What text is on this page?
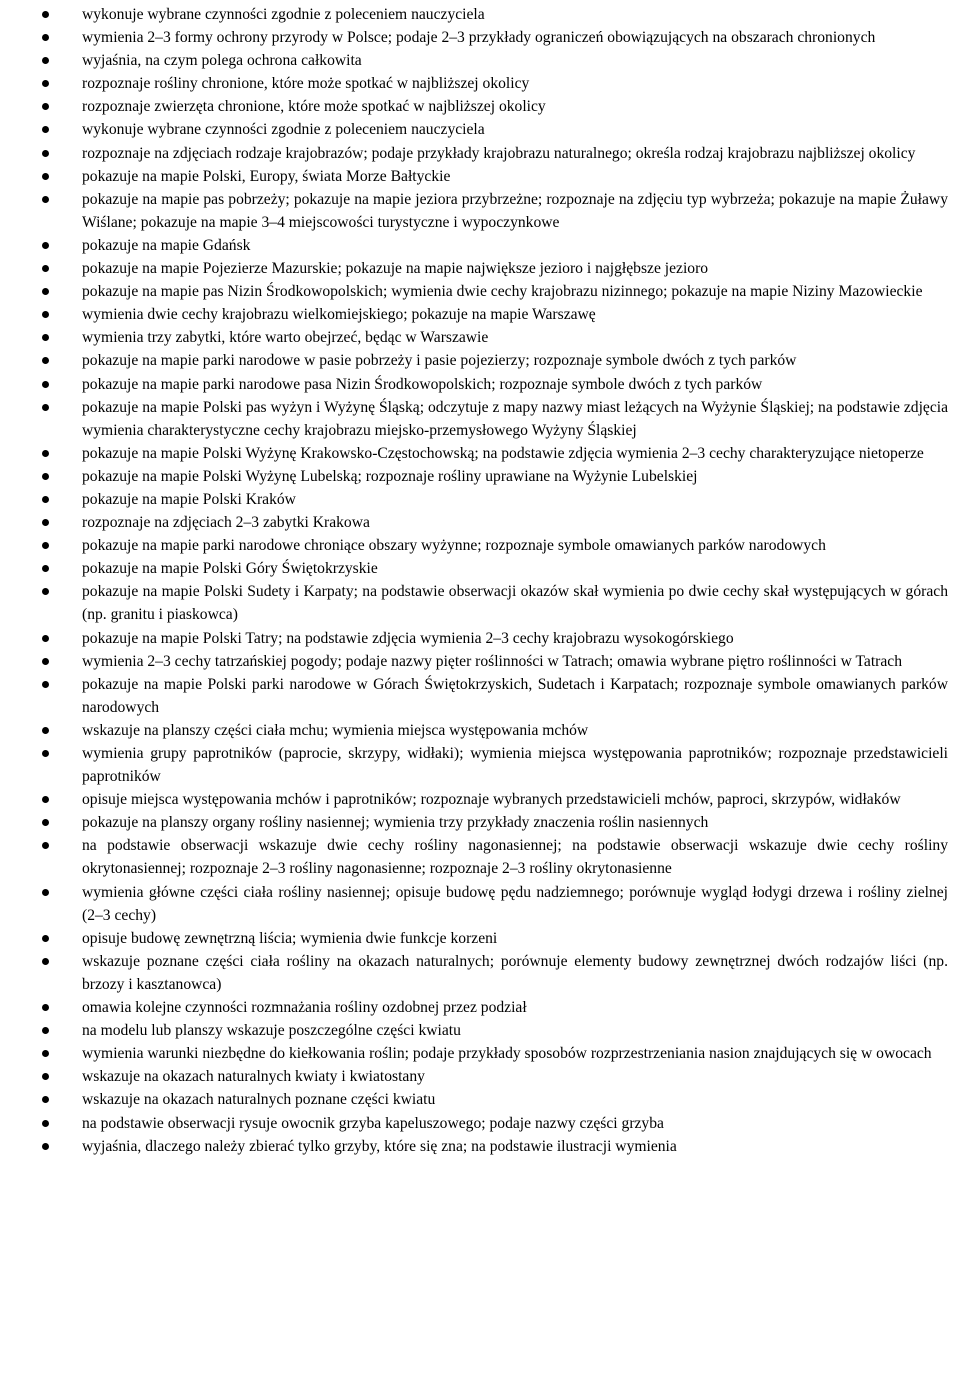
wykonuje wybrane czynności zgodnie z poleceniem nauczyciela
wymienia 2–3 formy ochrony przyrody w Polsce; podaje 2–3 przykłady ograniczeń obowiązujących na obszarach chronionych
wyjaśnia, na czym polega ochrona całkowita
rozpoznaje rośliny chronione, które może spotkać w najbliższej okolicy
rozpoznaje zwierzęta chronione, które może spotkać w najbliższej okolicy
wykonuje wybrane czynności zgodnie z poleceniem nauczyciela
rozpoznaje na zdjęciach rodzaje krajobrazów; podaje przykłady krajobrazu naturalnego; określa rodzaj krajobrazu najbliższej okolicy
pokazuje na mapie Polski, Europy, świata Morze Bałtyckie
pokazuje na mapie pas pobrzeży; pokazuje na mapie jeziora przybrzeżne; rozpoznaje na zdjęciu typ wybrzeża; pokazuje na mapie Żuławy Wiślane; pokazuje na mapie 3–4 miejscowości turystyczne i wypoczynkowe
pokazuje na mapie Gdańsk
pokazuje na mapie Pojezierze Mazurskie; pokazuje na mapie największe jezioro i najgłębsze jezioro
pokazuje na mapie pas Nizin Środkowopolskich; wymienia dwie cechy krajobrazu nizinnego; pokazuje na mapie Niziny Mazowieckie
wymienia dwie cechy krajobrazu wielkomiejskiego; pokazuje na mapie Warszawę
wymienia trzy zabytki, które warto obejrzeć, będąc w Warszawie
pokazuje na mapie parki narodowe w pasie pobrzeży i pasie pojezierzy; rozpoznaje symbole dwóch z tych parków
pokazuje na mapie parki narodowe pasa Nizin Środkowopolskich; rozpoznaje symbole dwóch z tych parków
pokazuje na mapie Polski pas wyżyn i Wyżynę Śląską; odczytuje z mapy nazwy miast leżących na Wyżynie Śląskiej; na podstawie zdjęcia wymienia charakterystyczne cechy krajobrazu miejsko-przemysłowego Wyżyny Śląskiej
pokazuje na mapie Polski Wyżynę Krakowsko-Częstochowską; na podstawie zdjęcia wymienia 2–3 cechy charakteryzujące nietoperze
pokazuje na mapie Polski Wyżynę Lubelską; rozpoznaje rośliny uprawiane na Wyżynie Lubelskiej
pokazuje na mapie Polski Kraków
rozpoznaje na zdjęciach 2–3 zabytki Krakowa
pokazuje na mapie parki narodowe chroniące obszary wyżynne; rozpoznaje symbole omawianych parków narodowych
pokazuje na mapie Polski Góry Świętokrzyskie
pokazuje na mapie Polski Sudety i Karpaty; na podstawie obserwacji okazów skał wymienia po dwie cechy skał występujących w górach (np. granitu i piaskowca)
pokazuje na mapie Polski Tatry; na podstawie zdjęcia wymienia 2–3 cechy krajobrazu wysokogórskiego
wymienia 2–3 cechy tatrzańskiej pogody; podaje nazwy pięter roślinności w Tatrach; omawia wybrane piętro roślinności w Tatrach
pokazuje na mapie Polski parki narodowe w Górach Świętokrzyskich, Sudetach i Karpatach; rozpoznaje symbole omawianych parków narodowych
wskazuje na planszy części ciała mchu; wymienia miejsca występowania mchów
wymienia grupy paprotników (paprocie, skrzypy, widłaki); wymienia miejsca występowania paprotników; rozpoznaje przedstawicieli paprotników
opisuje miejsca występowania mchów i paprotników; rozpoznaje wybranych przedstawicieli mchów, paproci, skrzypów, widłaków
pokazuje na planszy organy rośliny nasiennej; wymienia trzy przykłady znaczenia roślin nasiennych
na podstawie obserwacji wskazuje dwie cechy rośliny nagonasiennej; na podstawie obserwacji wskazuje dwie cechy rośliny okrytonasiennej; rozpoznaje 2–3 rośliny nagonasienne; rozpoznaje 2–3 rośliny okrytonasienne
wymienia główne części ciała rośliny nasiennej; opisuje budowę pędu nadziemnego; porównuje wygląd łodygi drzewa i rośliny zielnej (2–3 cechy)
opisuje budowę zewnętrzną liścia; wymienia dwie funkcje korzeni
wskazuje poznane części ciała rośliny na okazach naturalnych; porównuje elementy budowy zewnętrznej dwóch rodzajów liści (np. brzozy i kasztanowca)
omawia kolejne czynności rozmnażania rośliny ozdobnej przez podział
na modelu lub planszy wskazuje poszczególne części kwiatu
wymienia warunki niezbędne do kiełkowania roślin; podaje przykłady sposobów rozprzestrzeniania nasion znajdujących się w owocach
wskazuje na okazach naturalnych kwiaty i kwiatostany
wskazuje na okazach naturalnych poznane części kwiatu
na podstawie obserwacji rysuje owocnik grzyba kapeluszowego; podaje nazwy części grzyba
wyjaśnia, dlaczego należy zbierać tylko grzyby, które się zna; na podstawie ilustracji wymienia
